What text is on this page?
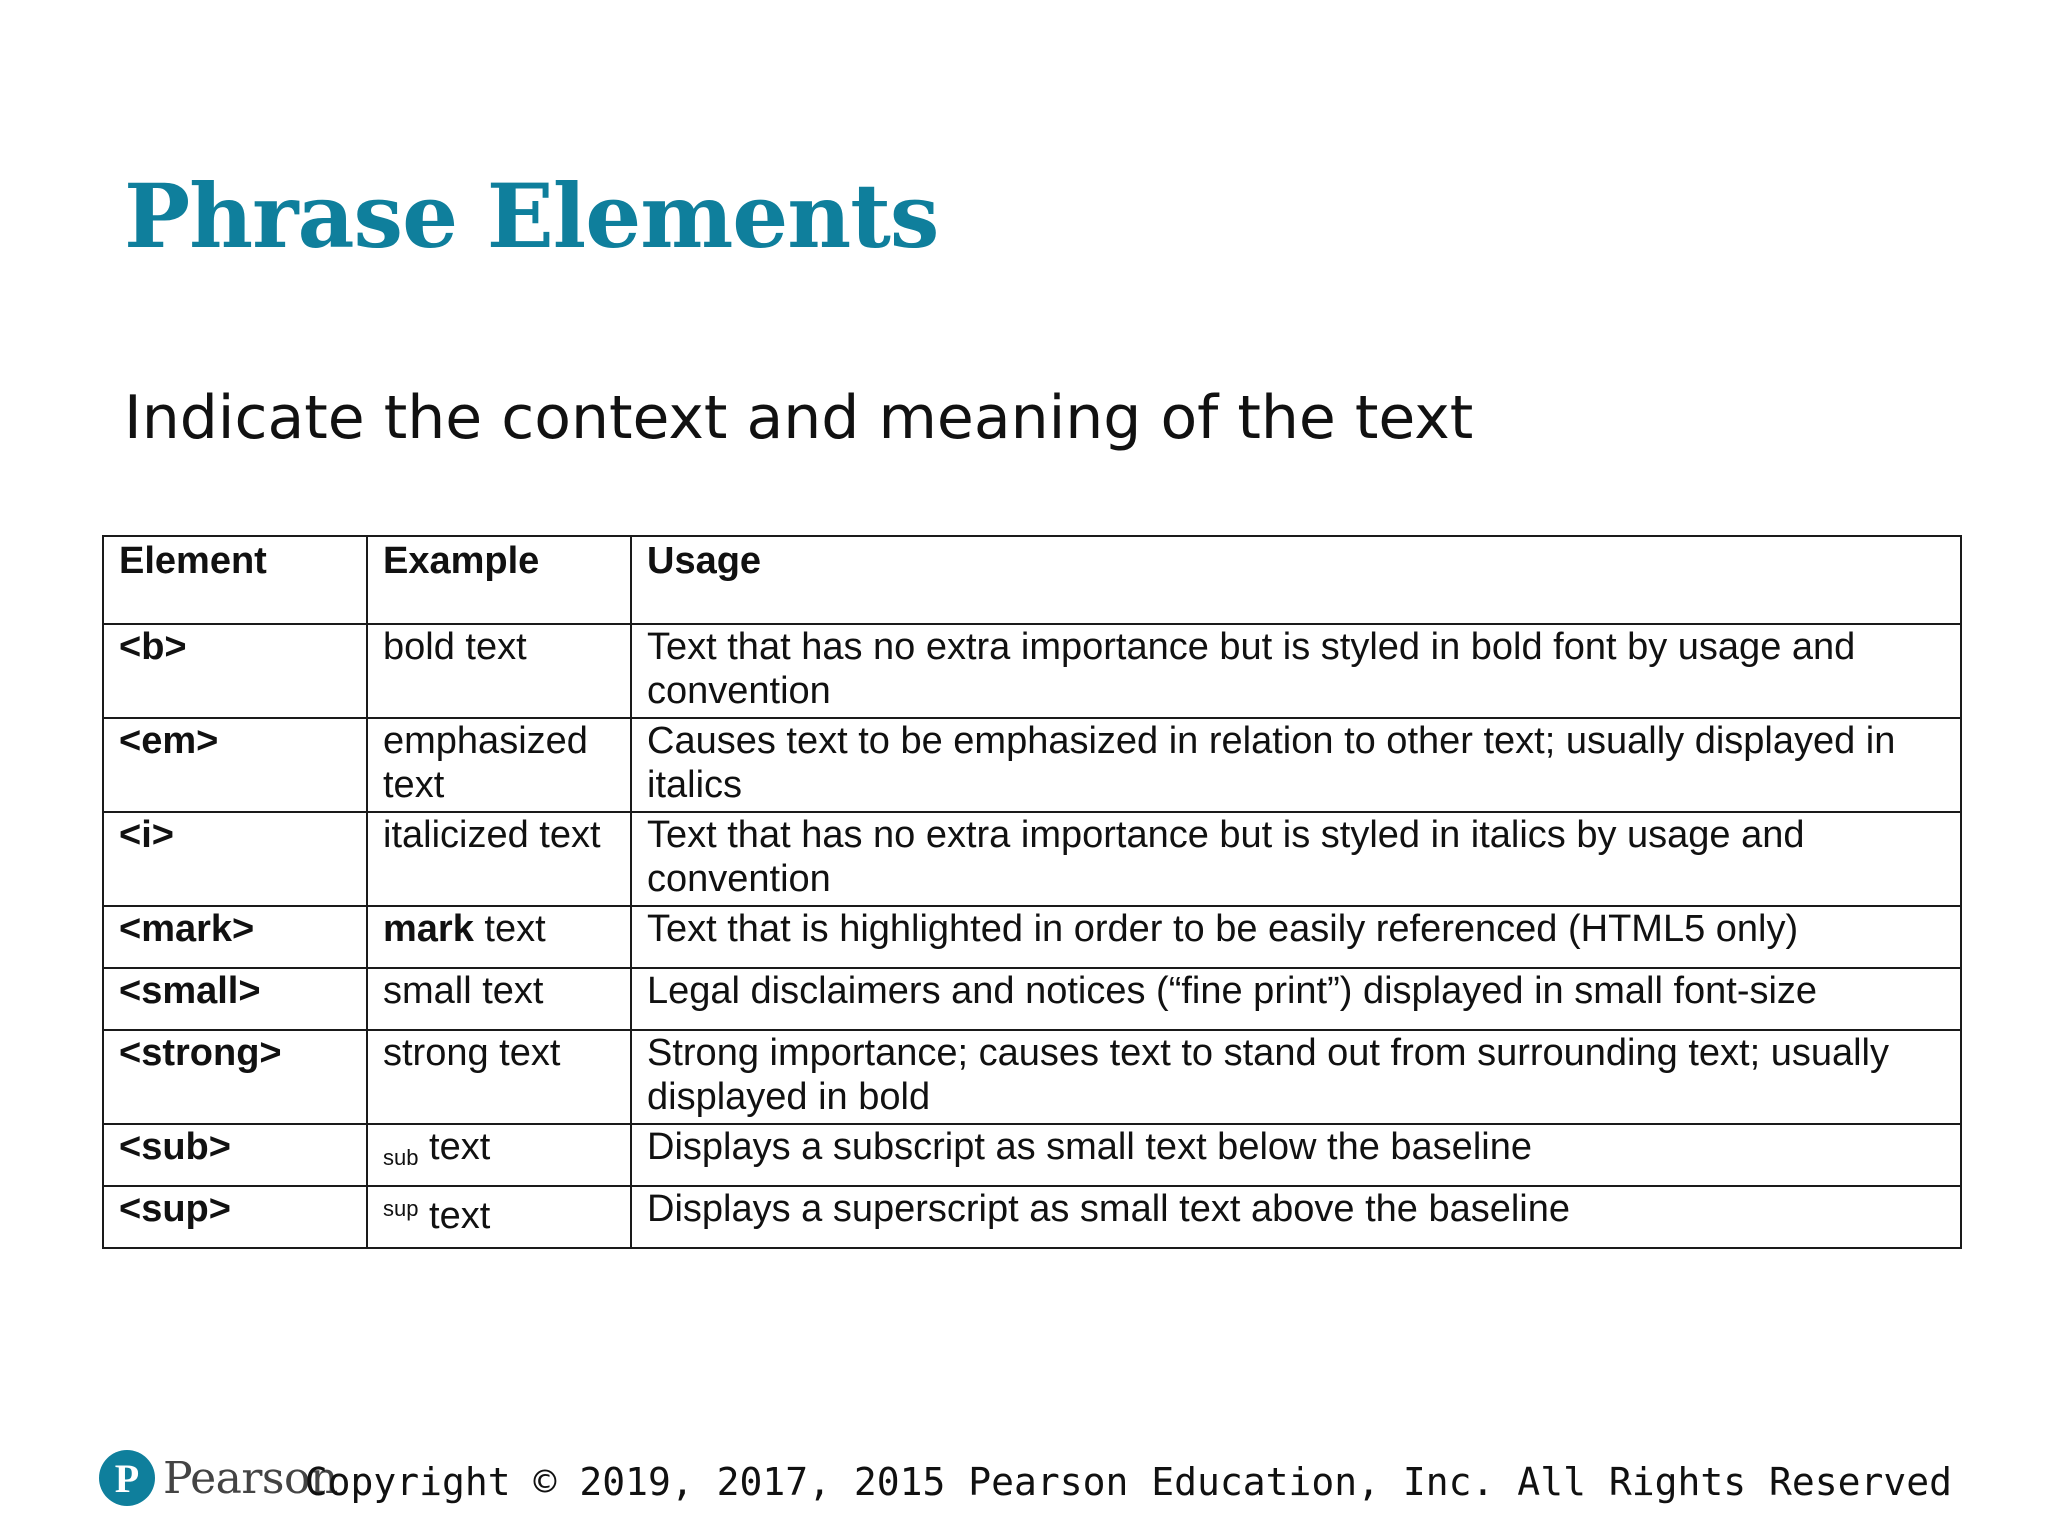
Phrase Elements
Indicate the context and meaning of the text
Element	Example	Usage
<b>	bold text	Text that has no extra importance but is styled in bold font by usage and convention
<em>	emphasized text	Causes text to be emphasized in relation to other text; usually displayed in italics
<i>	italicized text	Text that has no extra importance but is styled in italics by usage and convention
<mark>	mark text	Text that is highlighted in order to be easily referenced (HTML5 only)
<small>	small text	Legal disclaimers and notices (“fine print”) displayed in small font-size
<strong>	strong text	Strong importance; causes text to stand out from surrounding text; usually displayed in bold
<sub>	sub text	Displays a subscript as small text below the baseline
<sup>	$^{sup}$ text	Displays a superscript as small text above the baseline
P Pearson

Copyright © 2019, 2017, 2015 Pearson Education, Inc. All Rights Reserved
